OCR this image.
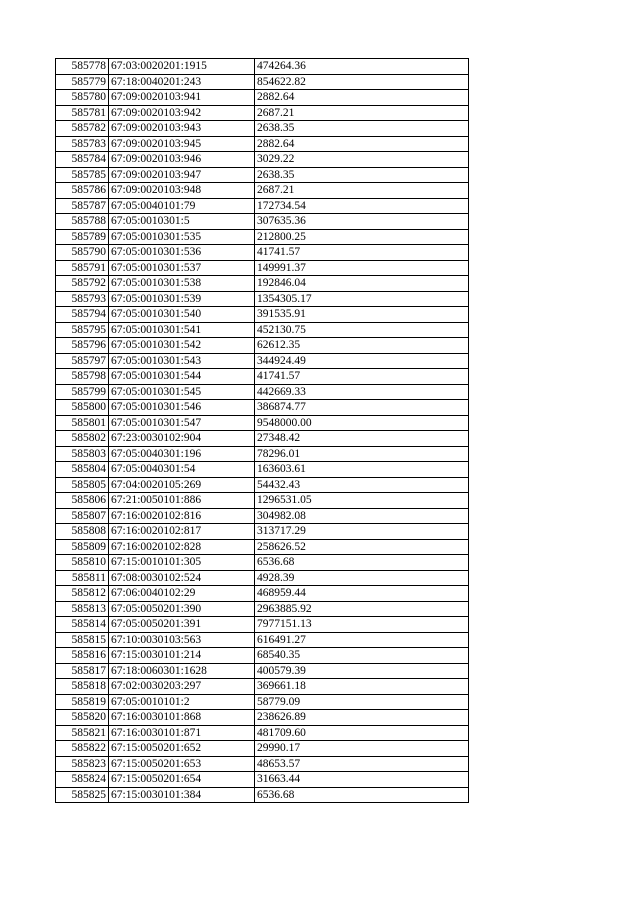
585778	67:03:0020201:1915	474264.36
585779	67:18:0040201:243	854622.82
585780	67:09:0020103:941	2882.64
585781	67:09:0020103:942	2687.21
585782	67:09:0020103:943	2638.35
585783	67:09:0020103:945	2882.64
585784	67:09:0020103:946	3029.22
585785	67:09:0020103:947	2638.35
585786	67:09:0020103:948	2687.21
585787	67:05:0040101:79	172734.54
585788	67:05:0010301:5	307635.36
585789	67:05:0010301:535	212800.25
585790	67:05:0010301:536	41741.57
585791	67:05:0010301:537	149991.37
585792	67:05:0010301:538	192846.04
585793	67:05:0010301:539	1354305.17
585794	67:05:0010301:540	391535.91
585795	67:05:0010301:541	452130.75
585796	67:05:0010301:542	62612.35
585797	67:05:0010301:543	344924.49
585798	67:05:0010301:544	41741.57
585799	67:05:0010301:545	442669.33
585800	67:05:0010301:546	386874.77
585801	67:05:0010301:547	9548000.00
585802	67:23:0030102:904	27348.42
585803	67:05:0040301:196	78296.01
585804	67:05:0040301:54	163603.61
585805	67:04:0020105:269	54432.43
585806	67:21:0050101:886	1296531.05
585807	67:16:0020102:816	304982.08
585808	67:16:0020102:817	313717.29
585809	67:16:0020102:828	258626.52
585810	67:15:0010101:305	6536.68
585811	67:08:0030102:524	4928.39
585812	67:06:0040102:29	468959.44
585813	67:05:0050201:390	2963885.92
585814	67:05:0050201:391	7977151.13
585815	67:10:0030103:563	616491.27
585816	67:15:0030101:214	68540.35
585817	67:18:0060301:1628	400579.39
585818	67:02:0030203:297	369661.18
585819	67:05:0010101:2	58779.09
585820	67:16:0030101:868	238626.89
585821	67:16:0030101:871	481709.60
585822	67:15:0050201:652	29990.17
585823	67:15:0050201:653	48653.57
585824	67:15:0050201:654	31663.44
585825	67:15:0030101:384	6536.68
